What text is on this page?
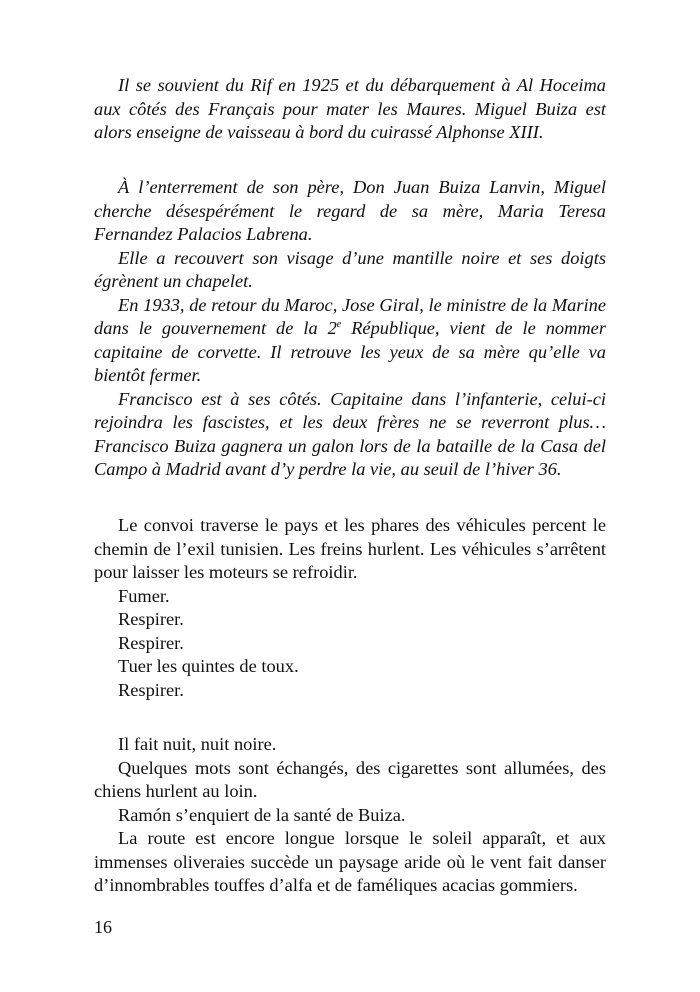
Il se souvient du Rif en 1925 et du débarquement à Al Hoceima aux côtés des Français pour mater les Maures. Miguel Buiza est alors enseigne de vaisseau à bord du cuirassé Alphonse XIII.

À l’enterrement de son père, Don Juan Buiza Lanvin, Miguel cherche désespérément le regard de sa mère, Maria Teresa Fernandez Palacios Labrena.

Elle a recouvert son visage d’une mantille noire et ses doigts égrènent un chapelet.

En 1933, de retour du Maroc, Jose Giral, le ministre de la Marine dans le gouvernement de la 2e République, vient de le nommer capitaine de corvette. Il retrouve les yeux de sa mère qu’elle va bientôt fermer.

Francisco est à ses côtés. Capitaine dans l’infanterie, celui-ci rejoindra les fascistes, et les deux frères ne se reverront plus… Francisco Buiza gagnera un galon lors de la bataille de la Casa del Campo à Madrid avant d’y perdre la vie, au seuil de l’hiver 36.

Le convoi traverse le pays et les phares des véhicules percent le chemin de l’exil tunisien. Les freins hurlent. Les véhicules s’arrêtent pour laisser les moteurs se refroidir.

Fumer.

Respirer.

Respirer.

Tuer les quintes de toux.

Respirer.

Il fait nuit, nuit noire.

Quelques mots sont échangés, des cigarettes sont allumées, des chiens hurlent au loin.

Ramón s’enquiert de la santé de Buiza.

La route est encore longue lorsque le soleil apparaît, et aux immenses oliveraies succède un paysage aride où le vent fait danser d’innombrables touffes d’alfa et de faméliques acacias gommiers.

16
